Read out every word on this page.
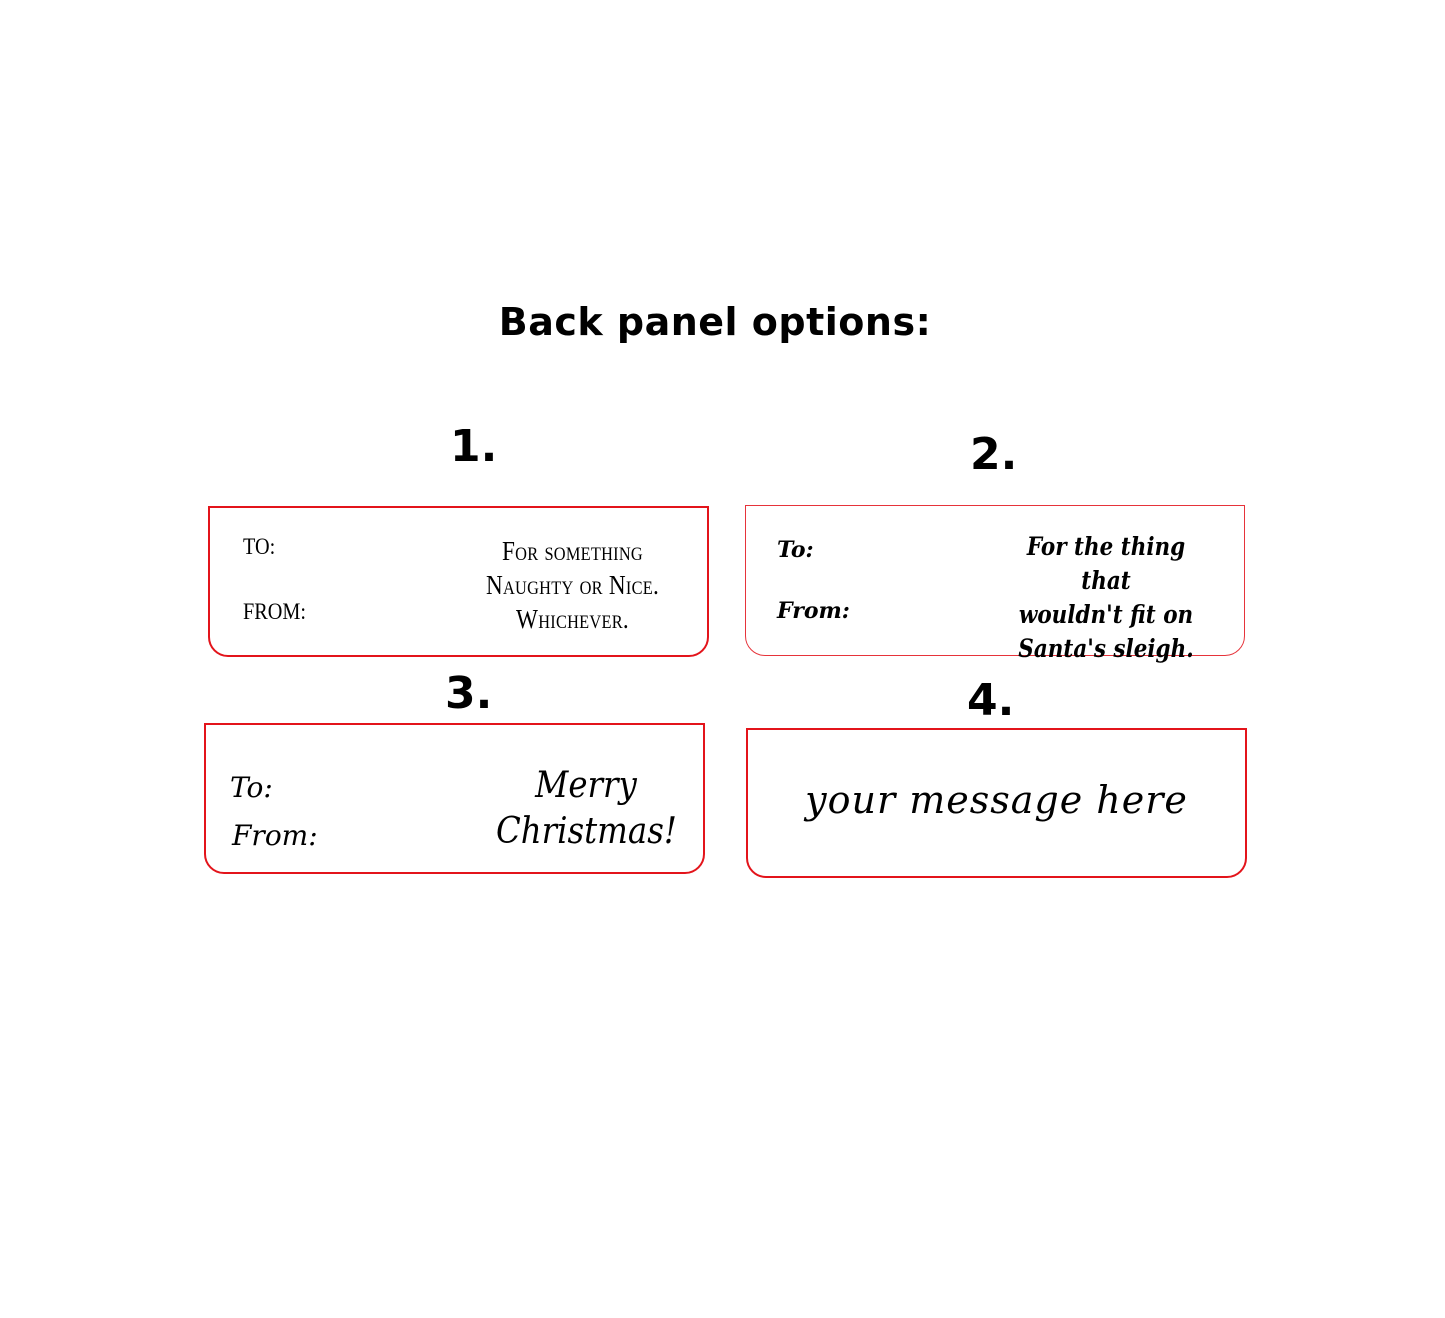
Back panel options:
1.
TO:
FROM:
For something
Naughty or Nice.
Whichever.
2.
To:
From:
For the thing that
wouldn't fit on
Santa's sleigh.
3.
To:
From:
Merry
Christmas!
4.
your message here
